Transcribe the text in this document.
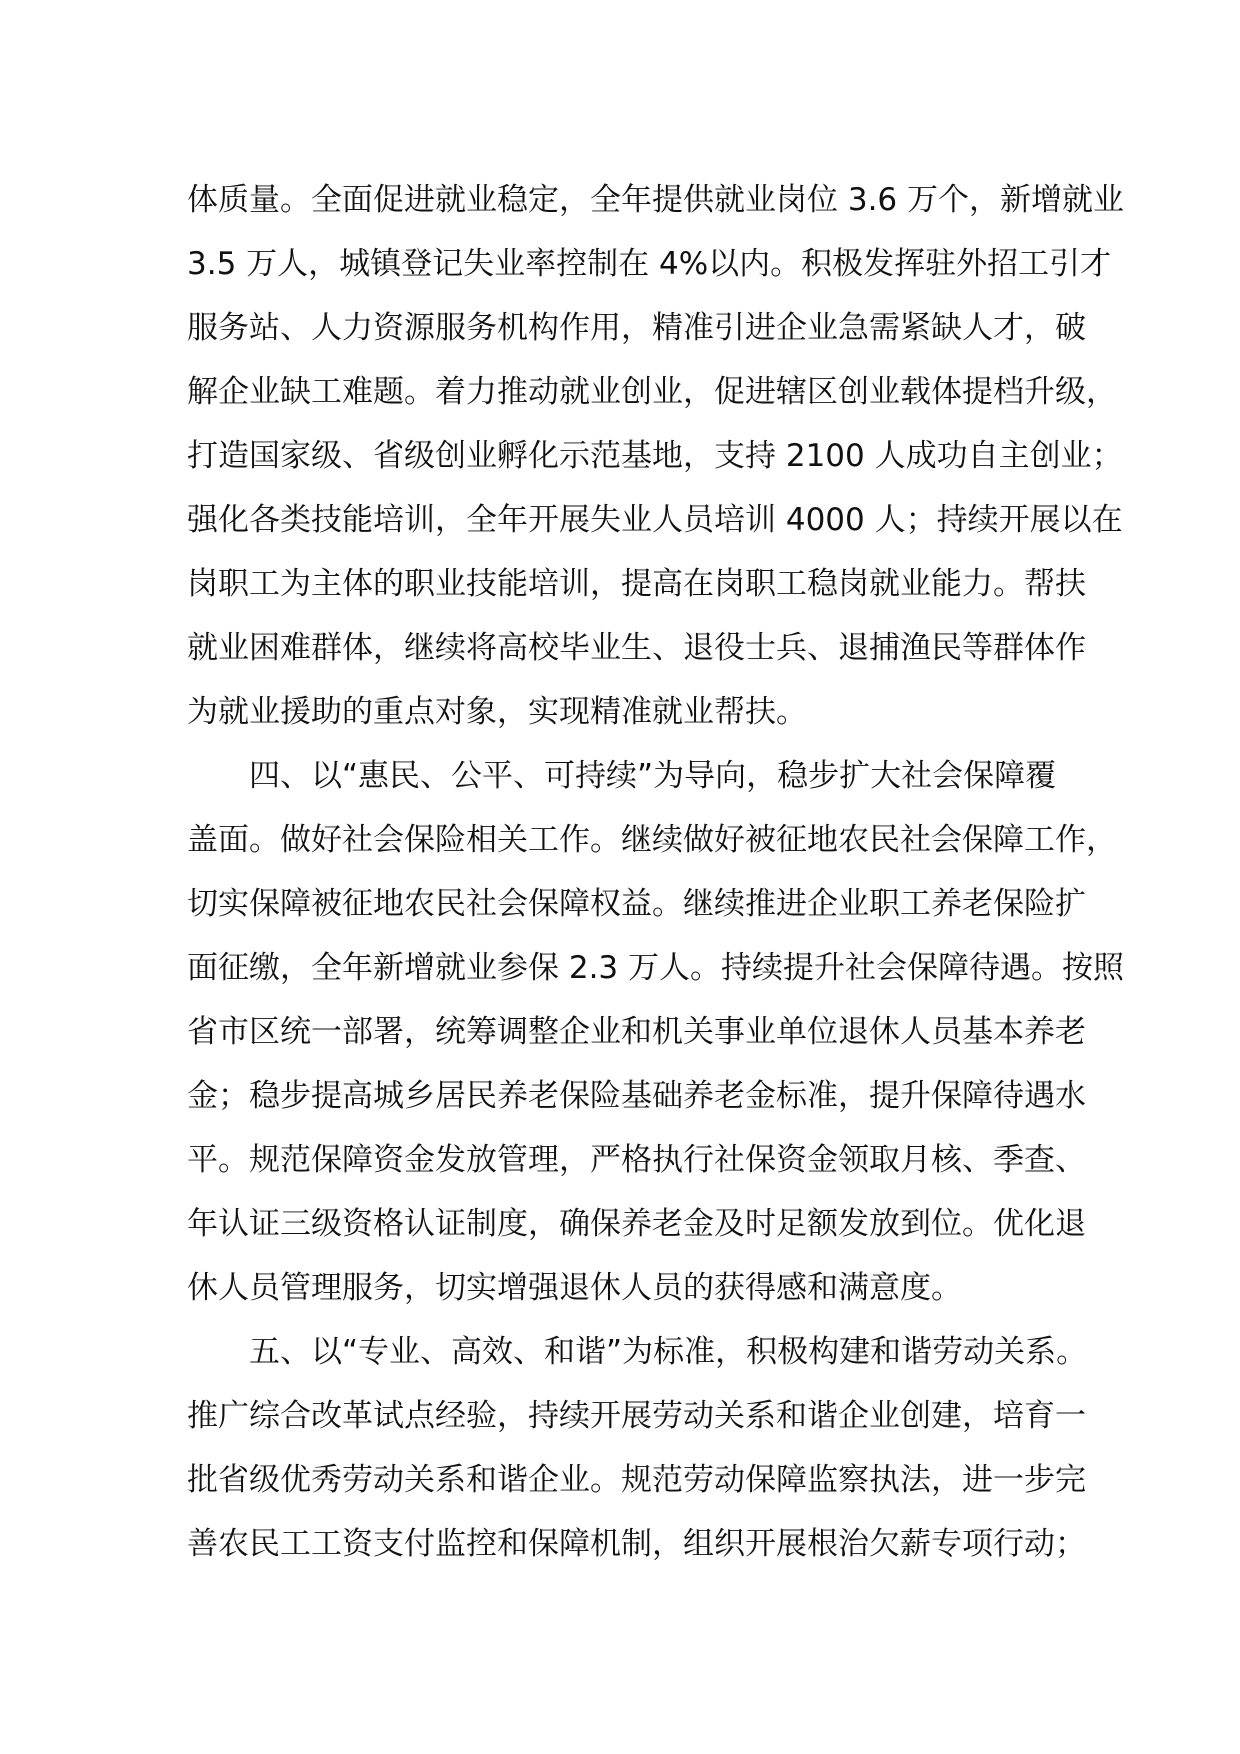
体质量。全面促进就业稳定，全年提供就业岗位 3.6 万个，新增就业
3.5 万人，城镇登记失业率控制在 4%以内。积极发挥驻外招工引才
服务站、人力资源服务机构作用，精准引进企业急需紧缺人才，破
解企业缺工难题。着力推动就业创业，促进辖区创业载体提档升级，
打造国家级、省级创业孵化示范基地，支持 2100 人成功自主创业；
强化各类技能培训，全年开展失业人员培训 4000 人；持续开展以在
岗职工为主体的职业技能培训，提高在岗职工稳岗就业能力。帮扶
就业困难群体，继续将高校毕业生、退役士兵、退捕渔民等群体作
为就业援助的重点对象，实现精准就业帮扶。
四、以“惠民、公平、可持续”为导向，稳步扩大社会保障覆
盖面。做好社会保险相关工作。继续做好被征地农民社会保障工作，
切实保障被征地农民社会保障权益。继续推进企业职工养老保险扩
面征缴，全年新增就业参保 2.3 万人。持续提升社会保障待遇。按照
省市区统一部署，统筹调整企业和机关事业单位退休人员基本养老
金；稳步提高城乡居民养老保险基础养老金标准，提升保障待遇水
平。规范保障资金发放管理，严格执行社保资金领取月核、季查、
年认证三级资格认证制度，确保养老金及时足额发放到位。优化退
休人员管理服务，切实增强退休人员的获得感和满意度。
五、以“专业、高效、和谐”为标准，积极构建和谐劳动关系。
推广综合改革试点经验，持续开展劳动关系和谐企业创建，培育一
批省级优秀劳动关系和谐企业。规范劳动保障监察执法，进一步完
善农民工工资支付监控和保障机制，组织开展根治欠薪专项行动；
